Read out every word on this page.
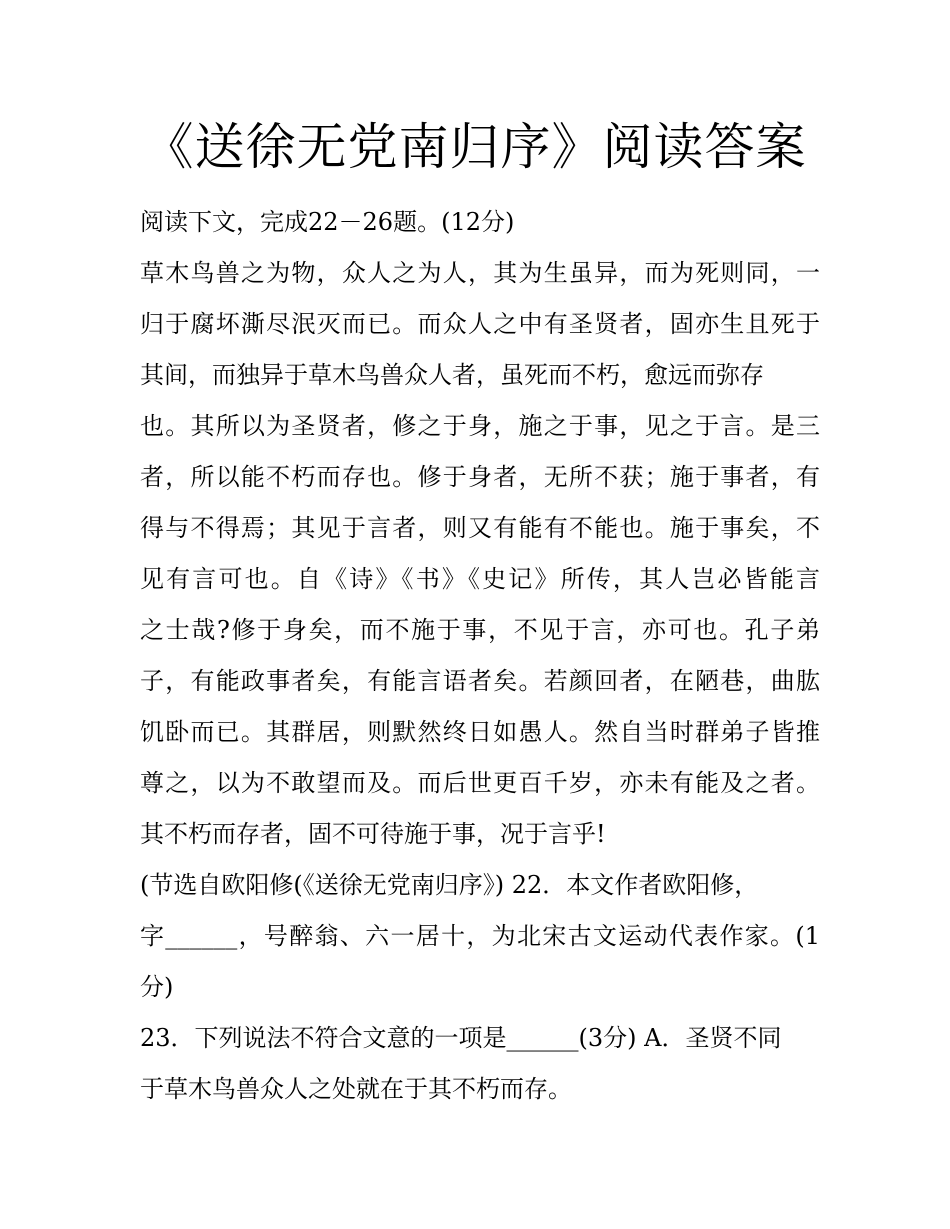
《送徐无党南归序》阅读答案
阅读下文，完成22－26题。(12分)
草木鸟兽之为物，众人之为人，其为生虽异，而为死则同，一
归于腐坏澌尽泯灭而已。而众人之中有圣贤者，固亦生且死于
其间，而独异于草木鸟兽众人者，虽死而不朽，愈远而弥存
也。其所以为圣贤者，修之于身，施之于事，见之于言。是三
者，所以能不朽而存也。修于身者，无所不获；施于事者，有
得与不得焉；其见于言者，则又有能有不能也。施于事矣，不
见有言可也。自《诗》《书》《史记》所传，其人岂必皆能言
之士哉?修于身矣，而不施于事，不见于言，亦可也。孔子弟
子，有能政事者矣，有能言语者矣。若颜回者，在陋巷，曲肱
饥卧而已。其群居，则默然终日如愚人。然自当时群弟子皆推
尊之，以为不敢望而及。而后世更百千岁，亦未有能及之者。
其不朽而存者，固不可待施于事，况于言乎!
(节选自欧阳修(《送徐无党南归序》) 22．本文作者欧阳修，
字______，号醉翁、六一居十，为北宋古文运动代表作家。(1
分)
23．下列说法不符合文意的一项是______(3分) A．圣贤不同
于草木鸟兽众人之处就在于其不朽而存。
